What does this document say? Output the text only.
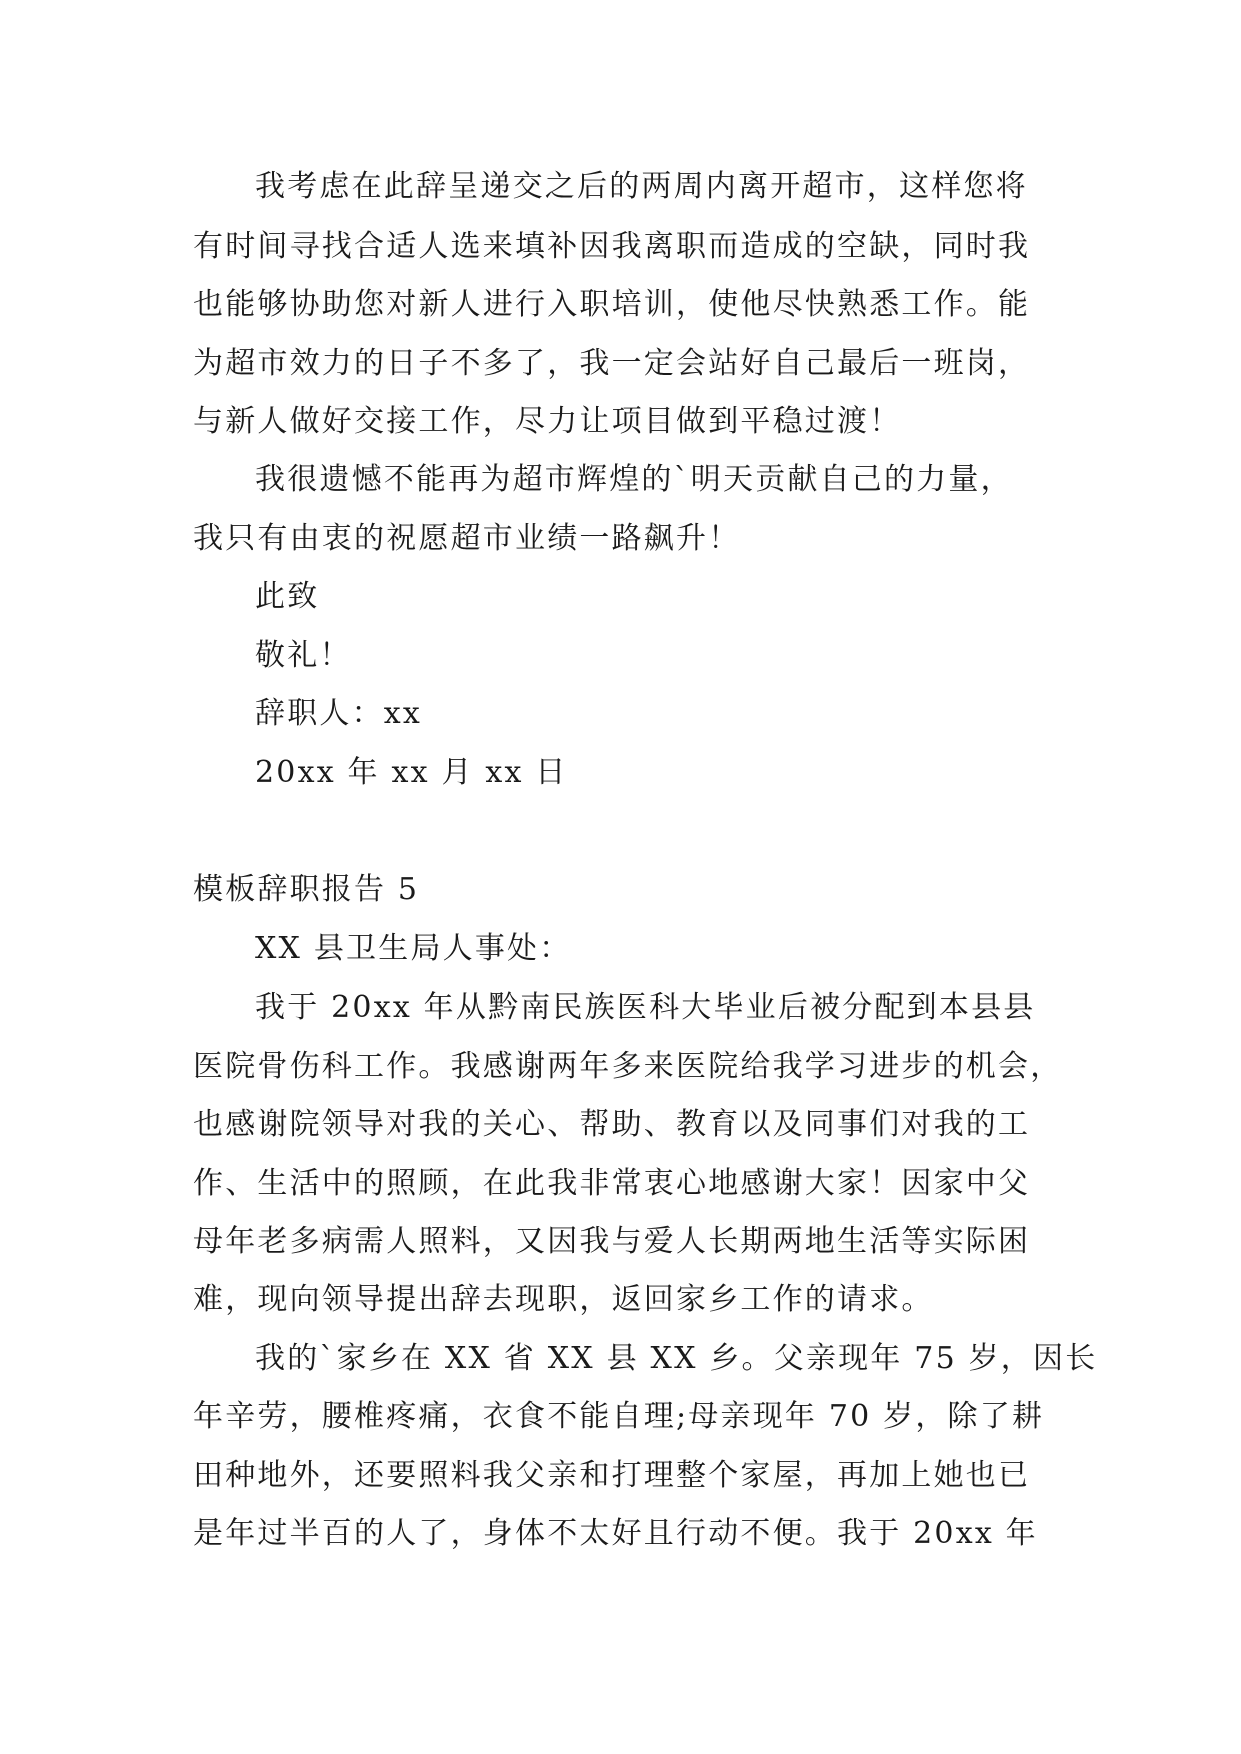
我考虑在此辞呈递交之后的两周内离开超市，这样您将
有时间寻找合适人选来填补因我离职而造成的空缺，同时我
也能够协助您对新人进行入职培训，使他尽快熟悉工作。能
为超市效力的日子不多了，我一定会站好自己最后一班岗，
与新人做好交接工作，尽力让项目做到平稳过渡！
我很遗憾不能再为超市辉煌的`明天贡献自己的力量，
我只有由衷的祝愿超市业绩一路飙升！
此致
敬礼！
辞职人：xx
20xx 年 xx 月 xx 日
模板辞职报告 5
XX 县卫生局人事处：
我于 20xx 年从黔南民族医科大毕业后被分配到本县县
医院骨伤科工作。我感谢两年多来医院给我学习进步的机会，
也感谢院领导对我的关心、帮助、教育以及同事们对我的工
作、生活中的照顾，在此我非常衷心地感谢大家！因家中父
母年老多病需人照料，又因我与爱人长期两地生活等实际困
难，现向领导提出辞去现职，返回家乡工作的请求。
我的`家乡在 XX 省 XX 县 XX 乡。父亲现年 75 岁，因长
年辛劳，腰椎疼痛，衣食不能自理;母亲现年 70 岁，除了耕
田种地外，还要照料我父亲和打理整个家屋，再加上她也已
是年过半百的人了，身体不太好且行动不便。我于 20xx 年
